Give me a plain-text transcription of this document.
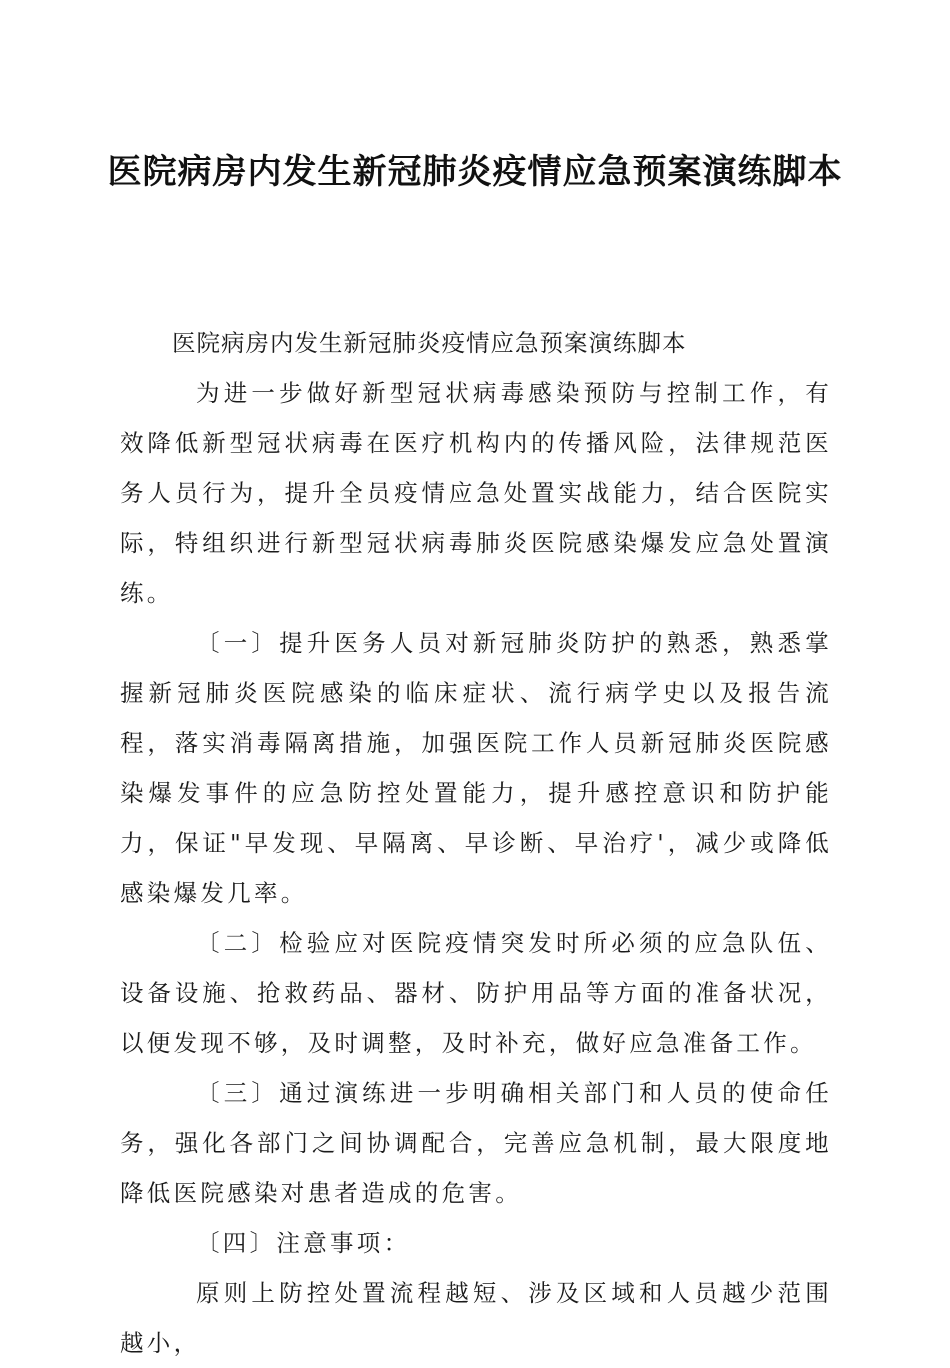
医院病房内发生新冠肺炎疫情应急预案演练脚本

医院病房内发生新冠肺炎疫情应急预案演练脚本

为进一步做好新型冠状病毒感染预防与控制工作，有效降低新型冠状病毒在医疗机构内的传播风险，法律规范医务人员行为，提升全员疫情应急处置实战能力，结合医院实际，特组织进行新型冠状病毒肺炎医院感染爆发应急处置演练。

〔一〕提升医务人员对新冠肺炎防护的熟悉，熟悉掌握新冠肺炎医院感染的临床症状、流行病学史以及报告流程，落实消毒隔离措施，加强医院工作人员新冠肺炎医院感染爆发事件的应急防控处置能力，提升感控意识和防护能力，保证"早发现、早隔离、早诊断、早治疗'，减少或降低感染爆发几率。

〔二〕检验应对医院疫情突发时所必须的应急队伍、设备设施、抢救药品、器材、防护用品等方面的准备状况，以便发现不够，及时调整，及时补充，做好应急准备工作。

〔三〕通过演练进一步明确相关部门和人员的使命任务，强化各部门之间协调配合，完善应急机制，最大限度地降低医院感染对患者造成的危害。

〔四〕注意事项：

原则上防控处置流程越短、涉及区域和人员越少范围越小，
